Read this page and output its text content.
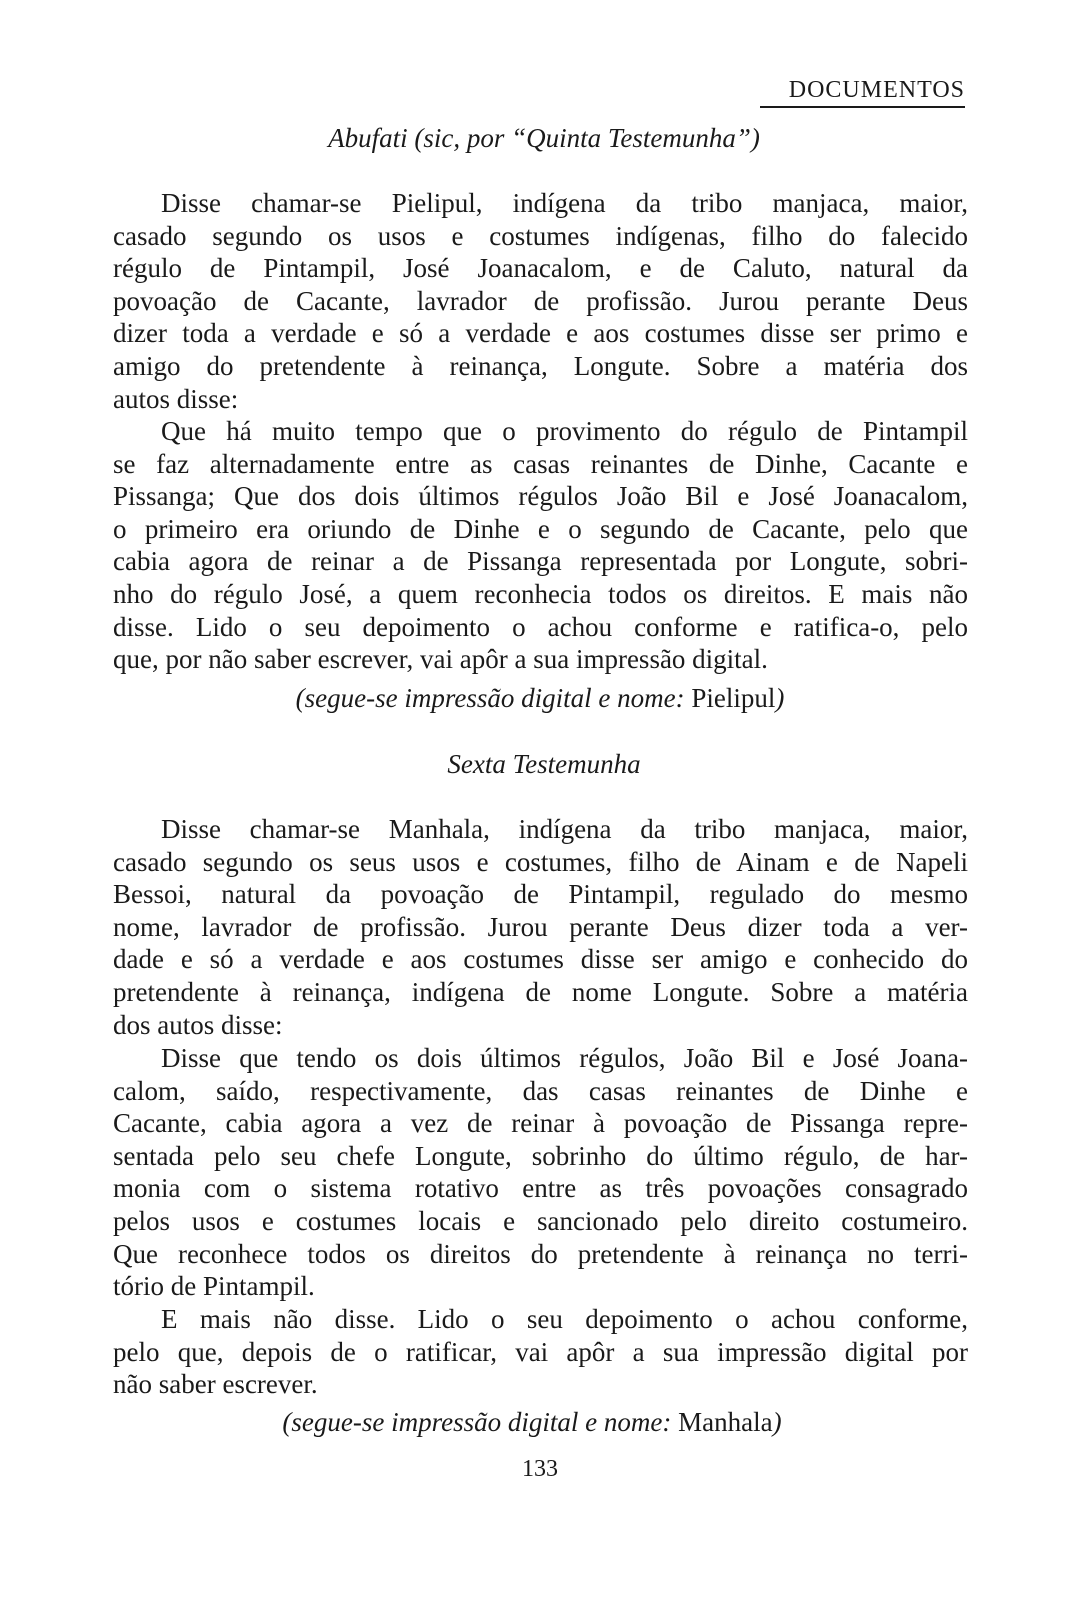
DOCUMENTOS
Abufati (sic, por “Quinta Testemunha”)
Disse chamar-se Pielipul, indígena da tribo manjaca, maior,
casado segundo os usos e costumes indígenas, filho do falecido
régulo de Pintampil, José Joanacalom, e de Caluto, natural da
povoação de Cacante, lavrador de profissão. Jurou perante Deus
dizer toda a verdade e só a verdade e aos costumes disse ser primo e
amigo do pretendente à reinança, Longute. Sobre a matéria dos
autos disse:
Que há muito tempo que o provimento do régulo de Pintampil
se faz alternadamente entre as casas reinantes de Dinhe, Cacante e
Pissanga; Que dos dois últimos régulos João Bil e José Joanacalom,
o primeiro era oriundo de Dinhe e o segundo de Cacante, pelo que
cabia agora de reinar a de Pissanga representada por Longute, sobri-
nho do régulo José, a quem reconhecia todos os direitos. E mais não
disse. Lido o seu depoimento o achou conforme e ratifica-o, pelo
que, por não saber escrever, vai apôr a sua impressão digital.
(segue-se impressão digital e nome: Pielipul)
Sexta Testemunha
Disse chamar-se Manhala, indígena da tribo manjaca, maior,
casado segundo os seus usos e costumes, filho de Ainam e de Napeli
Bessoi, natural da povoação de Pintampil, regulado do mesmo
nome, lavrador de profissão. Jurou perante Deus dizer toda a ver-
dade e só a verdade e aos costumes disse ser amigo e conhecido do
pretendente à reinança, indígena de nome Longute. Sobre a matéria
dos autos disse:
Disse que tendo os dois últimos régulos, João Bil e José Joana-
calom, saído, respectivamente, das casas reinantes de Dinhe e
Cacante, cabia agora a vez de reinar à povoação de Pissanga repre-
sentada pelo seu chefe Longute, sobrinho do último régulo, de har-
monia com o sistema rotativo entre as três povoações consagrado
pelos usos e costumes locais e sancionado pelo direito costumeiro.
Que reconhece todos os direitos do pretendente à reinança no terri-
tório de Pintampil.
E mais não disse. Lido o seu depoimento o achou conforme,
pelo que, depois de o ratificar, vai apôr a sua impressão digital por
não saber escrever.
(segue-se impressão digital e nome: Manhala)
133
